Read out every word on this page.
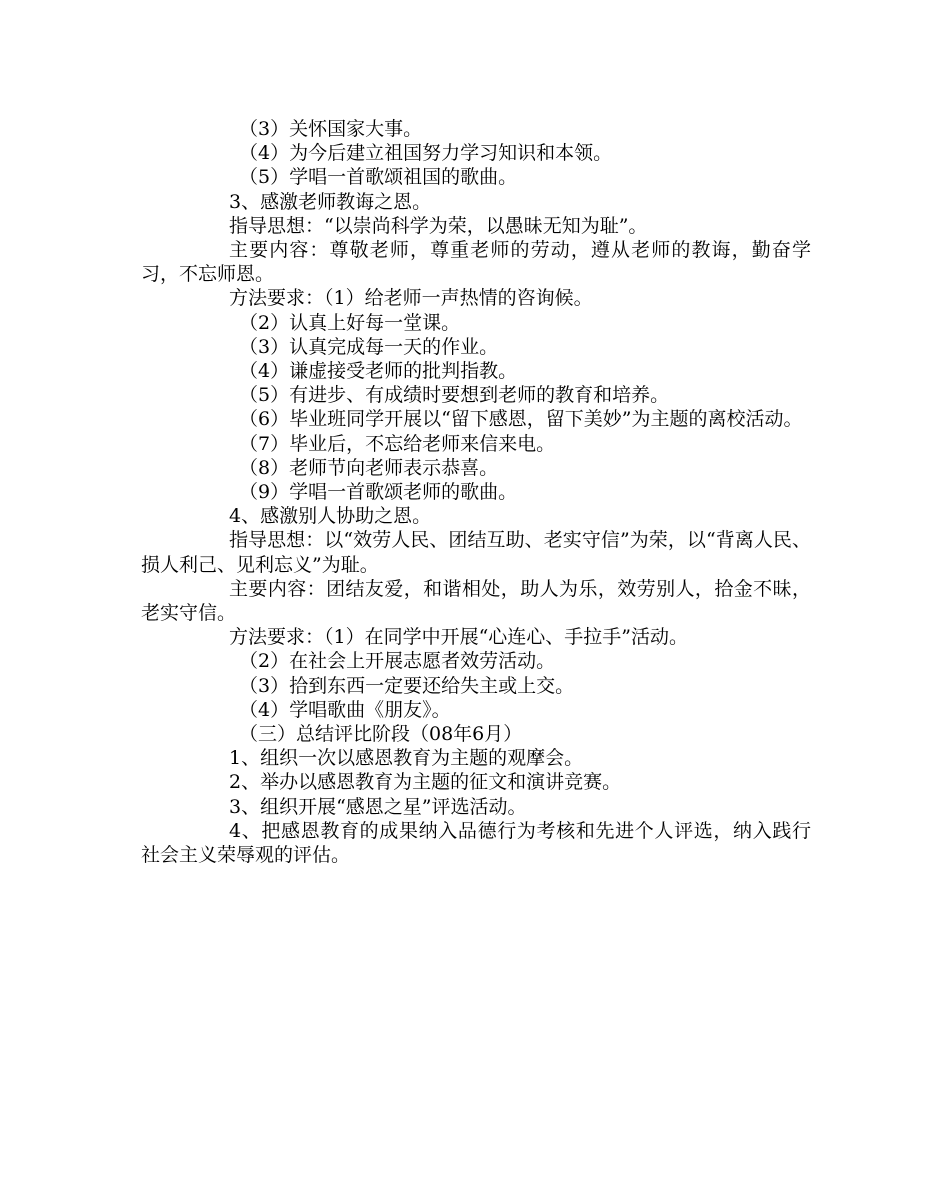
（3）关怀国家大事。

（4）为今后建立祖国努力学习知识和本领。

（5）学唱一首歌颂祖国的歌曲。

3、感激老师教诲之恩。

指导思想：“以崇尚科学为荣，以愚昧无知为耻”。

主要内容：尊敬老师，尊重老师的劳动，遵从老师的教诲，勤奋学习，不忘师恩。

方法要求：（1）给老师一声热情的咨询候。

（2）认真上好每一堂课。

（3）认真完成每一天的作业。

（4）谦虚接受老师的批判指教。

（5）有进步、有成绩时要想到老师的教育和培养。

（6）毕业班同学开展以“留下感恩，留下美妙”为主题的离校活动。

（7）毕业后，不忘给老师来信来电。

（8）老师节向老师表示恭喜。

（9）学唱一首歌颂老师的歌曲。

4、感激别人协助之恩。

指导思想：以“效劳人民、团结互助、老实守信”为荣，以“背离人民、损人利己、见利忘义”为耻。

主要内容：团结友爱，和谐相处，助人为乐，效劳别人，拾金不昧，老实守信。

方法要求：（1）在同学中开展“心连心、手拉手”活动。

（2）在社会上开展志愿者效劳活动。

（3）拾到东西一定要还给失主或上交。

（4）学唱歌曲《朋友》。

（三）总结评比阶段（08年6月）

1、组织一次以感恩教育为主题的观摩会。

2、举办以感恩教育为主题的征文和演讲竞赛。

3、组织开展“感恩之星”评选活动。

4、把感恩教育的成果纳入品德行为考核和先进个人评选，纳入践行社会主义荣辱观的评估。
